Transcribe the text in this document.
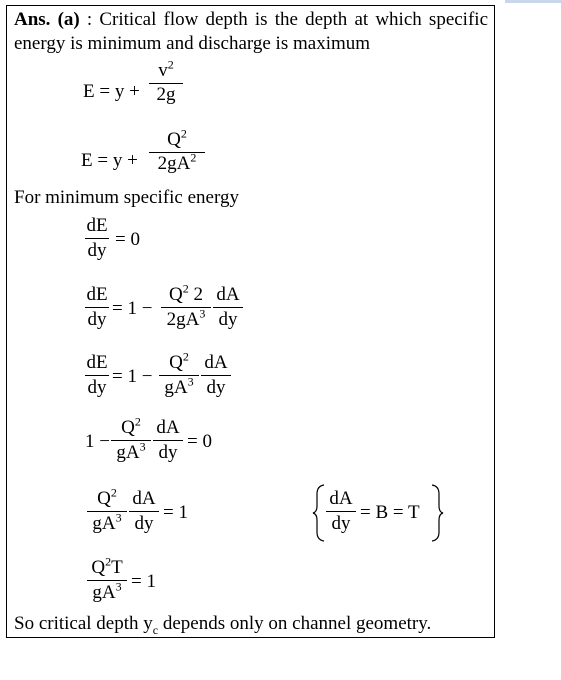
Ans. (a) : Critical flow depth is the depth at which specific energy is minimum and discharge is maximum
E = y +
$v^2$
2g
E = y +
$Q^2$
$2gA^2$
For minimum specific energy
dE
dy
= 0
dE
dy
= 1 −
$Q^2$ 2
$2gA^3$
dA
dy
dE
dy
= 1 −
$Q^2$
$gA^3$
dA
dy
1 −
$Q^2$
$gA^3$
dA
dy
= 0
$Q^2$
$gA^3$
dA
dy
= 1
dA
dy
= B = T
$Q^2T$
$gA^3 = 1$
So critical depth $y_c$ depends only on channel geometry.
